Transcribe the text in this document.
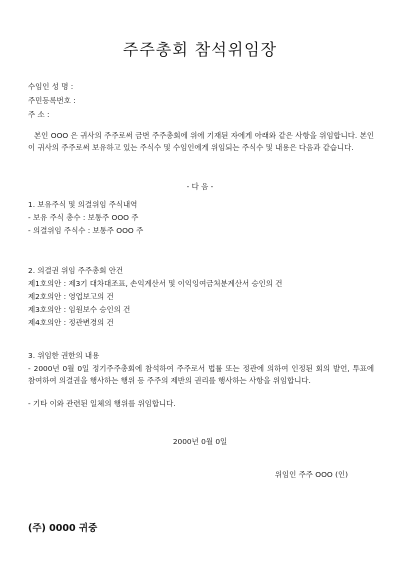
주주총회 참석위임장
수임인 성 명 :
주민등록번호 :
주 소 :
본인 OOO 은 귀사의 주주로써 금번 주주총회에 위에 기재된 자에게 아래와 같은 사항을 위임합니다. 본인이 귀사의 주주로써 보유하고 있는 주식수 및 수임인에게 위임되는 주식수 및 내용은 다음과 같습니다.
- 다 음 -
1. 보유주식 및 의결위임 주식내역
- 보유 주식 총수 : 보통주 OOO 주
- 의결위임 주식수 : 보통주 OOO 주
2. 의결권 위임 주주총회 안건
제1호의안 : 제3기 대차대조표, 손익계산서 및 이익잉여금처분계산서 승인의 건
제2호의안 : 영업보고의 건
제3호의안 : 임원보수 승인의 건
제4호의안 : 정관변경의 건
3. 위임한 권한의 내용
- 2000년 0월 0일 정기주주총회에 참석하여 주주로서 법률 또는 정관에 의하여 인정된 회의 발언, 투표에 참여하여 의결권을 행사하는 행위 등 주주의 제반의 권리를 행사하는 사항을 위임합니다.
- 기타 이와 관련된 일체의 행위를 위임합니다.
2000년 0월 0일
위임인 주주 OOO (인)
(주) 0000 귀중
